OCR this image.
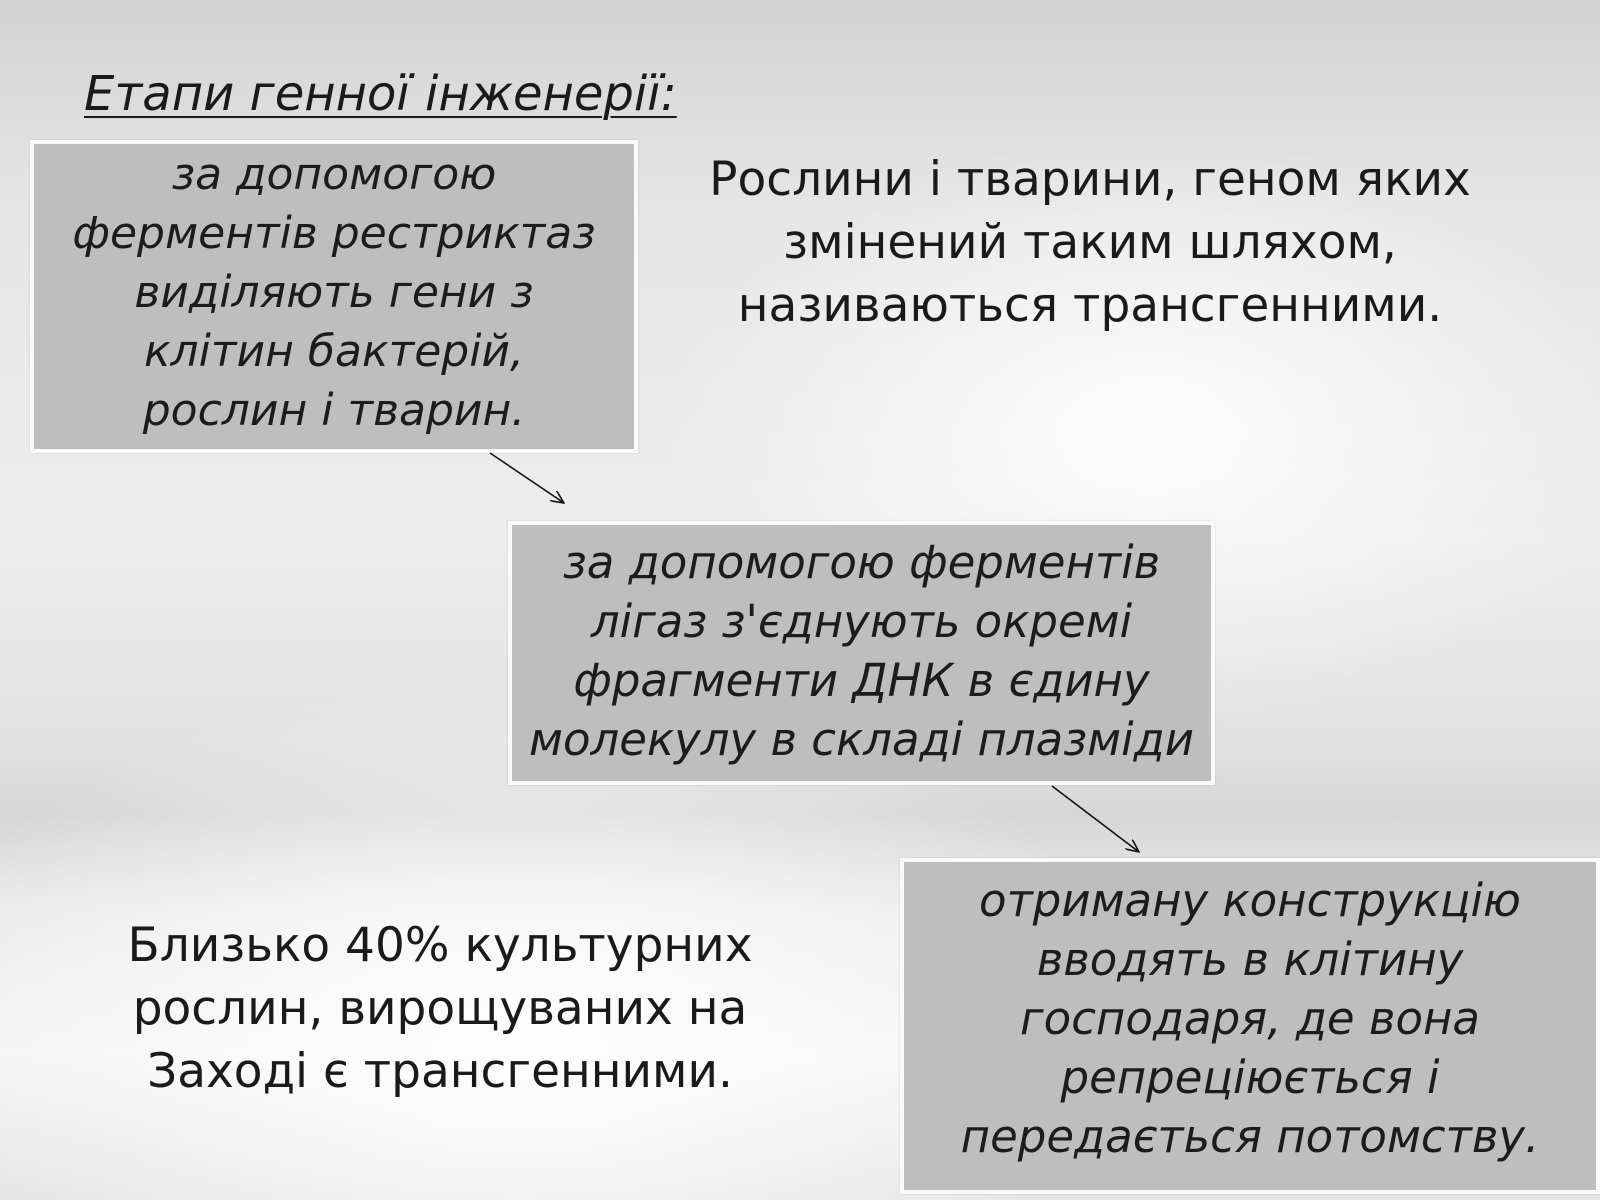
Етапи генної інженерії:
за допомогою
ферментів рестриктаз
виділяють гени з
клітин бактерій,
рослин і тварин.
Рослини і тварини, геном яких
змінений таким шляхом,
називаються трансгенними.
за допомогою ферментів
лігаз з'єднують окремі
фрагменти ДНК в єдину
молекулу в складі плазміди
Близько 40% культурних
рослин, вирощуваних на
Заході є трансгенними.
отриману конструкцію
вводять в клітину
господаря, де вона
репреціюється і
передається потомству.
